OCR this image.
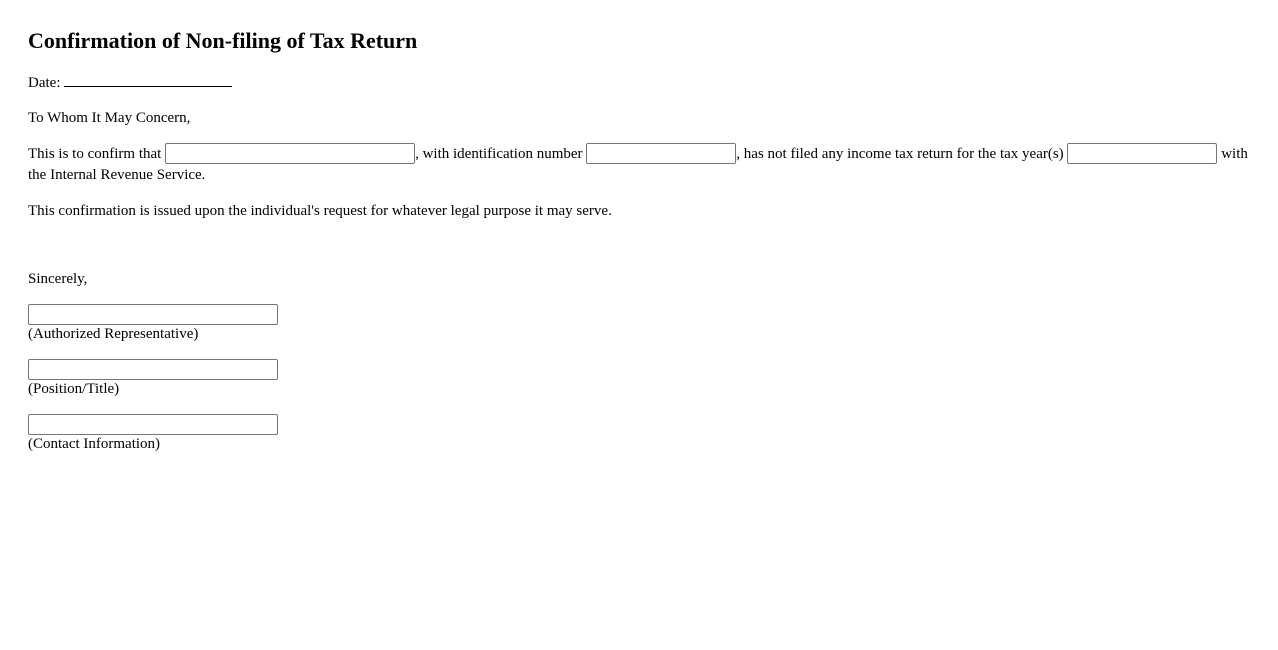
Confirmation of Non-filing of Tax Return

Date:

To Whom It May Concern,

This is to confirm that	, with identification number	, has not filed any income tax return for the tax year(s)	with the Internal Revenue Service.

This confirmation is issued upon the individual's request for whatever legal purpose it may serve.

Sincerely,

(Authorized Representative)
(Position/Title)
(Contact Information)
